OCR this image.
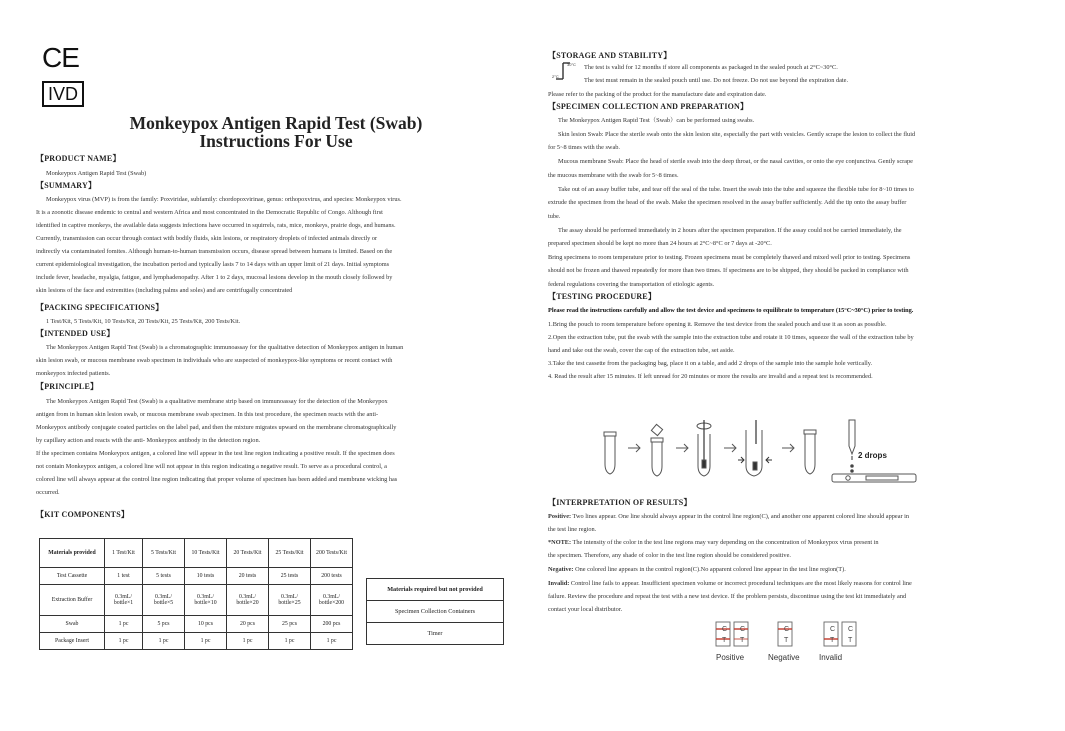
CE
IVD
Monkeypox Antigen Rapid Test (Swab)
Instructions For Use
【PRODUCT NAME】
Monkeypox Antigen Rapid Test (Swab)
【SUMMARY】
Monkeypox virus (MVP) is from the family: Poxviridae, subfamily: chordopoxvirinae, genus: orthopoxvirus, and species: Monkeypox virus.
It is a zoonotic disease endemic to central and western Africa and most concentrated in the Democratic Republic of Congo. Although first
identified in captive monkeys, the available data suggests infections have occurred in squirrels, rats, mice, monkeys, prairie dogs, and humans.
Currently, transmission can occur through contact with bodily fluids, skin lesions, or respiratory droplets of infected animals directly or
indirectly via contaminated fomites. Although human-to-human transmission occurs, disease spread between humans is limited. Based on the
current epidemiological investigation, the incubation period and typically lasts 7 to 14 days with an upper limit of 21 days. Initial symptoms
include fever, headache, myalgia, fatigue, and lymphadenopathy. After 1 to 2 days, mucosal lesions develop in the mouth closely followed by
skin lesions of the face and extremities (including palms and soles) and are centrifugally concentrated
【PACKING SPECIFICATIONS】
1 Test/Kit, 5 Tests/Kit, 10 Tests/Kit, 20 Tests/Kit, 25 Tests/Kit, 200 Tests/Kit.
【INTENDED USE】
The Monkeypox Antigen Rapid Test (Swab) is a chromatographic immunoassay for the qualitative detection of Monkeypox antigen in human
skin lesion swab, or mucous membrane swab specimen in individuals who are suspected of monkeypox-like symptoms or recent contact with
monkeypox infected patients.
【PRINCIPLE】
The Monkeypox Antigen Rapid Test (Swab) is a qualitative membrane strip based on immunoassay for the detection of the Monkeypox
antigen from in human skin lesion swab, or mucous membrane swab specimen. In this test procedure, the specimen reacts with the anti-
Monkeypox antibody conjugate coated particles on the label pad, and then the mixture migrates upward on the membrane chromatographically
by capillary action and reacts with the anti- Monkeypox antibody in the detection region.
If the specimen contains Monkeypox antigen, a colored line will appear in the test line region indicating a positive result. If the specimen does
not contain Monkeypox antigen, a colored line will not appear in this region indicating a negative result. To serve as a procedural control, a
colored line will always appear at the control line region indicating that proper volume of specimen has been added and membrane wicking has
occurred.
【KIT COMPONENTS】
Materials provided	1 Test/Kit	5 Tests/Kit	10 Tests/Kit	20 Tests/Kit	25 Tests/Kit	200 Tests/Kit
Test Cassette	1 test	5 tests	10 tests	20 tests	25 tests	200 tests
Extraction Buffer	0.3mL/ bottle×1	0.3mL/ bottle×5	0.3mL/ bottle×10	0.3mL/ bottle×20	0.3mL/ bottle×25	0.3mL/ bottle×200
Swab	1 pc	5 pcs	10 pcs	20 pcs	25 pcs	200 pcs
Package Insert	1 pc	1 pc	1 pc	1 pc	1 pc	1 pc
Materials required but not provided
Specimen Collection Containers
Timer
【STORAGE AND STABILITY】
30°C
2°C
The test is valid for 12 months if store all components as packaged in the sealed pouch at 2°C~30°C.
The test must remain in the sealed pouch until use. Do not freeze. Do not use beyond the expiration date.
Please refer to the packing of the product for the manufacture date and expiration date.
【SPECIMEN COLLECTION AND PREPARATION】
The Monkeypox Antigen Rapid Test（Swab）can be performed using swabs.
Skin lesion Swab: Place the sterile swab onto the skin lesion site, especially the part with vesicles. Gently scrape the lesion to collect the fluid
for 5~8 times with the swab.
Mucous membrane Swab: Place the head of sterile swab into the deep throat, or the nasal cavities, or onto the eye conjunctiva. Gently scrape
the mucous membrane with the swab for 5~8 times.
Take out of an assay buffer tube, and tear off the seal of the tube. Insert the swab into the tube and squeeze the flexible tube for 8~10 times to
extrude the specimen from the head of the swab. Make the specimen resolved in the assay buffer sufficiently. Add the tip onto the assay buffer
tube.
The assay should be performed immediately in 2 hours after the specimen preparation. If the assay could not be carried immediately, the
prepared specimen should be kept no more than 24 hours at 2°C~8°C or 7 days at -20°C.
Bring specimens to room temperature prior to testing. Frozen specimens must be completely thawed and mixed well prior to testing. Specimens
should not be frozen and thawed repeatedly for more than two times. If specimens are to be shipped, they should be packed in compliance with
federal regulations covering the transportation of etiologic agents.
【TESTING PROCEDURE】
Please read the instructions carefully and allow the test device and specimens to equilibrate to temperature (15°C~30°C) prior to testing.
1.Bring the pouch to room temperature before opening it. Remove the test device from the sealed pouch and use it as soon as possible.
2.Open the extraction tube, put the swab with the sample into the extraction tube and rotate it 10 times, squeeze the wall of the extraction tube by
hand and take out the swab, cover the cap of the extraction tube, set aside.
3.Take the test cassette from the packaging bag, place it on a table, and add 2 drops of the sample into the sample hole vertically.
4. Read the result after 15 minutes. If left unread for 20 minutes or more the results are invalid and a repeat test is recommended.
2 drops
【INTERPRETATION OF RESULTS】
Positive: Two lines appear. One line should always appear in the control line region(C), and another one apparent colored line should appear in
the test line region.
*NOTE: The intensity of the color in the test line regions may vary depending on the concentration of Monkeypox virus present in
the specimen. Therefore, any shade of color in the test line region should be considered positive.
Negative: One colored line appears in the control region(C).No apparent colored line appear in the test line region(T).
Invalid: Control line fails to appear. Insufficient specimen volume or incorrect procedural techniques are the most likely reasons for control line
failure. Review the procedure and repeat the test with a new test device. If the problem persists, discontinue using the test kit immediately and
contact your local distributor.
C
T
C
T
C
T
C
T
C
T
Positive	Negative Invalid
